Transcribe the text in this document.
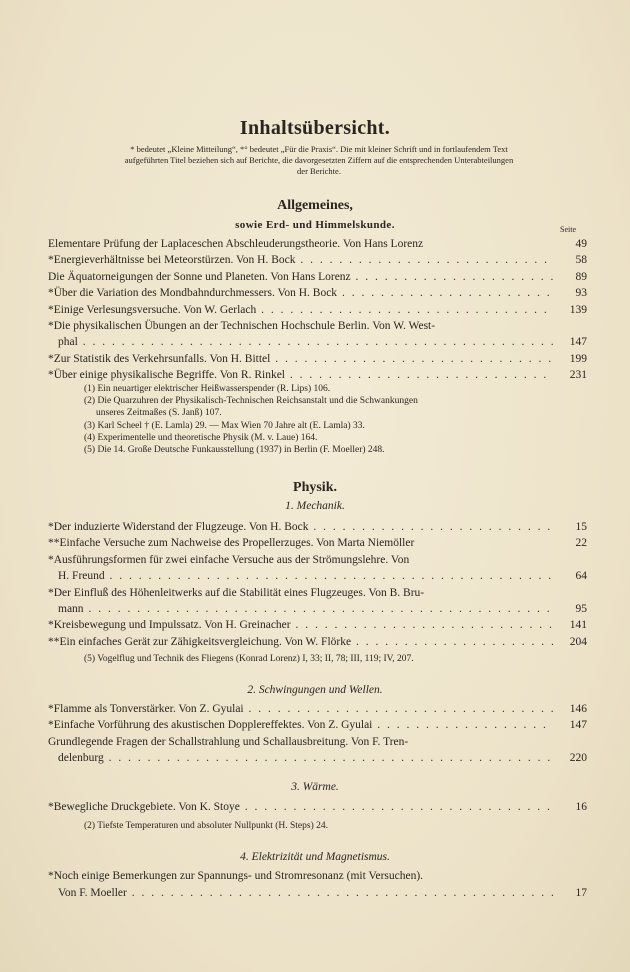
Inhaltsübersicht.
* bedeutet „Kleine Mitteilung“, *° bedeutet „Für die Praxis“. Die mit kleiner Schrift und in fortlaufendem Text
aufgeführten Titel beziehen sich auf Berichte, die davorgesetzten Ziffern auf die entsprechenden Unterabteilungen
der Berichte.
Allgemeines,
sowie Erd- und Himmelskunde.	Seite
Elementare Prüfung der Laplaceschen Abschleuderungstheorie. Von Hans Lorenz	49
*Energieverhältnisse bei Meteorstürzen. Von H. Bock . . .	58
Die Äquatorneigungen der Sonne und Planeten. Von Hans Lorenz . . .	89
*Über die Variation des Mondbahndurchmessers. Von H. Bock . . .	93
*Einige Verlesungsversuche. Von W. Gerlach . . .	139
*Die physikalischen Übungen an der Technischen Hochschule Berlin. Von W. West-
phal . . .	147
*Zur Statistik des Verkehrsunfalls. Von H. Bittel . . .	199
*Über einige physikalische Begriffe. Von R. Rinkel . . .	231
(1) Ein neuartiger elektrischer Heißwasserspender (R. Lips) 106.
(2) Die Quarzuhren der Physikalisch-Technischen Reichsanstalt und die Schwankungen
unseres Zeitmaßes (S. Janß) 107.
(3) Karl Scheel † (E. Lamla) 29. — Max Wien 70 Jahre alt (E. Lamla) 33.
(4) Experimentelle und theoretische Physik (M. v. Laue) 164.
(5) Die 14. Große Deutsche Funkausstellung (1937) in Berlin (F. Moeller) 248.
Physik.
1. Mechanik.
*Der induzierte Widerstand der Flugzeuge. Von H. Bock . . .	15
**Einfache Versuche zum Nachweise des Propellerzuges. Von Marta Niemöller	22
*Ausführungsformen für zwei einfache Versuche aus der Strömungslehre. Von
H. Freund . . .	64
*Der Einfluß des Höhenleitwerks auf die Stabilität eines Flugzeuges. Von B. Bru-
mann . . .	95
*Kreisbewegung und Impulssatz. Von H. Greinacher . . .	141
**Ein einfaches Gerät zur Zähigkeitsvergleichung. Von W. Flörke . . .	204
(5) Vogelflug und Technik des Fliegens (Konrad Lorenz) I, 33; II, 78; III, 119; IV, 207.
2. Schwingungen und Wellen.
*Flamme als Tonverstärker. Von Z. Gyulai . . .	146
*Einfache Vorführung des akustischen Dopplereffektes. Von Z. Gyulai . . .	147
Grundlegende Fragen der Schallstrahlung und Schallausbreitung. Von F. Tren-
delenburg . . .	220
3. Wärme.
*Bewegliche Druckgebiete. Von K. Stoye . . .	16
(2) Tiefste Temperaturen und absoluter Nullpunkt (H. Steps) 24.
4. Elektrizität und Magnetismus.
*Noch einige Bemerkungen zur Spannungs- und Stromresonanz (mit Versuchen).
Von F. Moeller . . .	17
